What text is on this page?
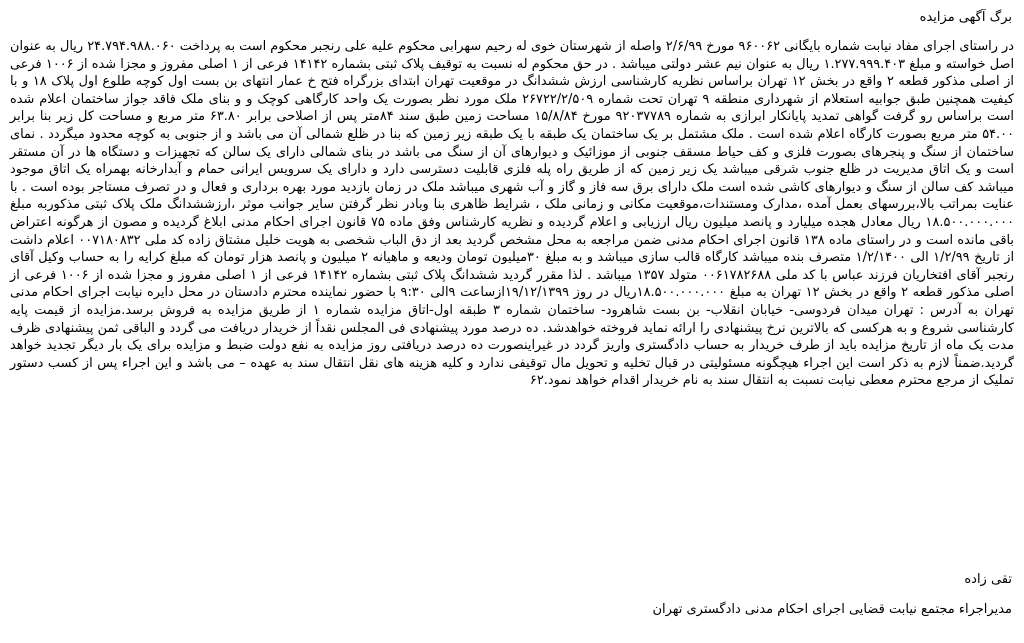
برگ آگهی مزایده

در راستای اجرای مفاد نیابت شماره بایگانی ۹۶۰۰۶۲ مورخ ۲/۶/۹۹ واصله از شهرستان خوی له رحیم سهرابی محکوم علیه علی رنجبر محکوم است به پرداخت ۲۴.۷۹۴.۹۸۸.۰۶۰ ریال به عنوان اصل خواسته و مبلغ ۱.۲۷۷.۹۹۹.۴۰۳ ریال به عنوان نیم عشر دولتی میباشد . در حق محکوم له نسبت به توقیف پلاک ثبتی بشماره ۱۴۱۴۲ فرعی از ۱ اصلی مفروز و مجزا شده از ۱۰۰۶ فرعی از اصلی مذکور قطعه ۲ واقع در بخش ۱۲ تهران براساس نظریه کارشناسی ارزش ششدانگ در موقعیت تهران ابتدای بزرگراه فتح خ عمار انتهای بن بست اول کوچه طلوع اول پلاک ۱۸ و با کیفیت همچنین طبق جوابیه استعلام از شهرداری منطقه ۹ تهران تحت شماره ۲۶۷۲۲/۲/۵۰۹ ملک مورد نظر بصورت یک واحد کارگاهی کوچک و و بنای ملک فاقد جواز ساختمان اعلام شده است براساس رو گرفت گواهی تمدید پایانکار ابرازی به شماره ۹۲۰۳۷۷۸۹ مورخ ۱۵/۸/۸۴ مساحت زمین طبق سند ۸۴متر پس از اصلاحی برابر ۶۳.۸۰ متر مربع و مساحت کل زیر بنا برابر ۵۴.۰۰ متر مربع بصورت کارگاه اعلام شده است . ملک مشتمل بر یک ساختمان یک طبقه با یک طبقه زیر زمین که بنا در ظلع شمالی آن می باشد و از جنوبی به کوچه محدود میگردد . نمای ساختمان از سنگ و پنجرهای بصورت فلزی و کف حیاط مسقف جنوبی از موزائیک و دیوارهای آن از سنگ می باشد در بنای شمالی دارای یک سالن که تجهیزات و دستگاه ها در آن مستقر است و یک اتاق مدیریت در ظلع جنوب شرقی میباشد یک زیر زمین که از طریق راه پله فلزی قابلیت دسترسی دارد و دارای یک سرویس ایرانی حمام و آبدارخانه بهمراه یک اتاق موجود میباشد کف سالن از سنگ و دیوارهای کاشی شده است ملک دارای برق سه فاز و گاز و آب شهری میباشد ملک در زمان بازدید مورد بهره برداری و فعال و در تصرف مستاجر بوده است . با عنایت بمراتب بالا،بررسهای بعمل آمده ،مدارک ومستندات،موقعیت مکانی و زمانی ملک ، شرایط ظاهری بنا وبادر نظر گرفتن سایر جوانب موثر ،ارزششدانگ ملک پلاک ثبتی مذکوربه مبلغ ۱۸.۵۰۰.۰۰۰.۰۰۰ ریال معادل هجده میلیارد و پانصد میلیون ریال ارزیابی و اعلام گردیده و نظریه کارشناس وفق ماده ۷۵ قانون اجرای احکام مدنی ابلاغ گردیده و مصون از هرگونه اعتراض باقی مانده است و در راستای ماده ۱۳۸ قانون اجرای احکام مدنی ضمن مراجعه به محل مشخص گردید بعد از دق الباب شخصی به هویت خلیل مشتاق زاده کد ملی ۰۰۷۱۸۰۸۳۲ اعلام داشت از تاریخ ۱/۲/۹۹ الی ۱/۲/۱۴۰۰ متصرف بنده میباشد کارگاه قالب سازی میباشد و به مبلغ ۳۰میلیون تومان ودیعه و ماهیانه ۲ میلیون و پانصد هزار تومان که مبلغ کرایه را به حساب وکیل آقای رنجبر آقای افتخاریان فرزند عباس با کد ملی ۰۰۶۱۷۸۲۶۸۸ متولد ۱۳۵۷ میباشد . لذا مقرر گردید ششدانگ پلاک ثبتی بشماره ۱۴۱۴۲ فرعی از ۱ اصلی مفروز و مجزا شده از ۱۰۰۶ فرعی از اصلی مذکور قطعه ۲ واقع در بخش ۱۲ تهران به مبلغ ۱۸.۵۰۰.۰۰۰.۰۰۰ریال در روز ۱۹/۱۲/۱۳۹۹ازساعت ۹الی ۹:۳۰ با حضور نماینده محترم دادستان در محل دایره نیابت اجرای احکام مدنی تهران به آدرس : تهران میدان فردوسی- خیابان انقلاب- بن بست شاهرود- ساختمان شماره ۳ طبقه اول-اتاق مزایده شماره ۱ از طریق مزایده به فروش برسد.مزایده از قیمت پایه کارشناسی شروع و به هرکسی که بالاترین نرخ پیشنهادی را ارائه نماید فروخته خواهدشد. ده درصد مورد پیشنهادی فی المجلس نقداً از خریدار دریافت می گردد و الباقی ثمن پیشنهادی ظرف مدت یک ماه از تاریخ مزایده باید از طرف خریدار به حساب دادگستری واریز گردد در غیراینصورت ده درصد دریافتی روز مزایده به نفع دولت ضبط و مزایده برای یک بار دیگر تجدید خواهد گردید.ضمناً لازم به ذکر است این اجراء هیچگونه مسئولیتی در قبال تخلیه و تحویل مال توقیفی ندارد و کلیه هزینه های نقل انتقال سند به عهده – می باشد و این اجراء پس از کسب دستور تملیک از مرجع محترم معطی نیابت نسبت به انتقال سند به نام خریدار اقدام خواهد نمود.۶۲

تقی زاده

مدیراجراء مجتمع نیابت قضایی اجرای احکام مدنی دادگستری تهران
